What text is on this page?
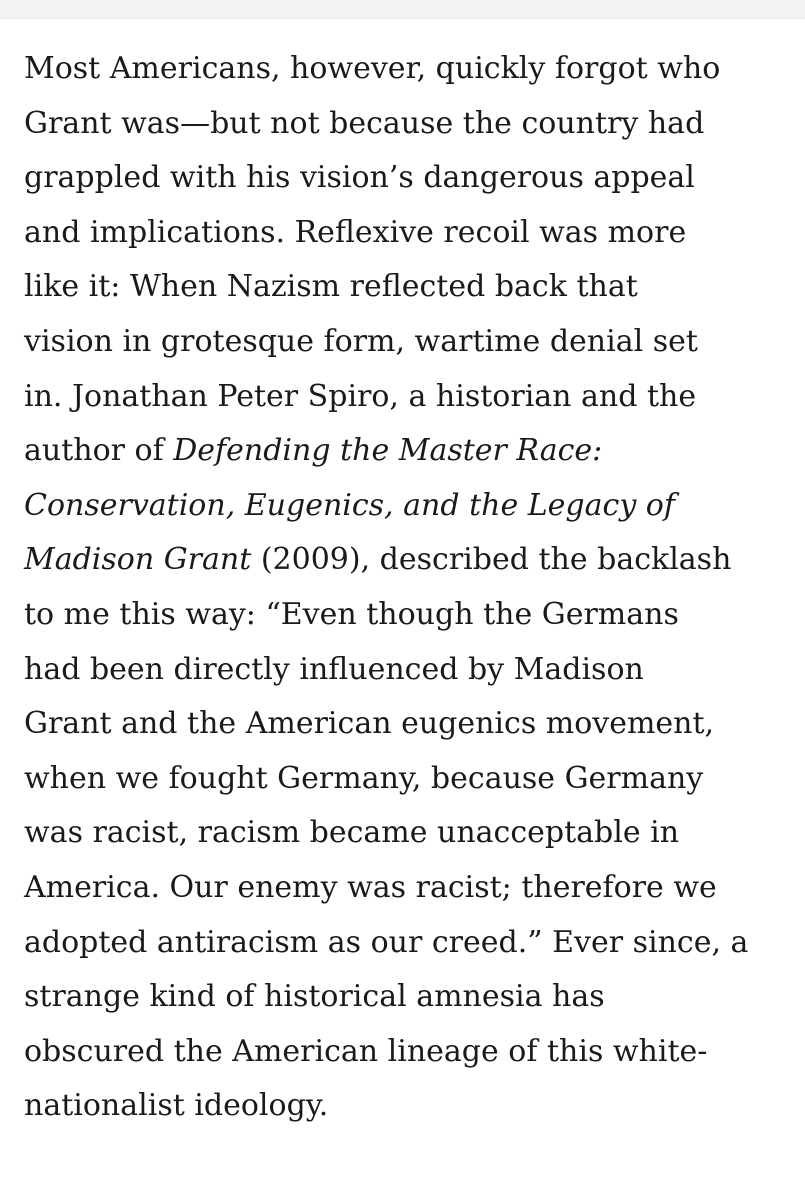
Most Americans, however, quickly forgot who
Grant was—but not because the country had
grappled with his vision’s dangerous appeal
and implications. Reflexive recoil was more
like it: When Nazism reflected back that
vision in grotesque form, wartime denial set
in. Jonathan Peter Spiro, a historian and the
author of Defending the Master Race:
Conservation, Eugenics, and the Legacy of
Madison Grant (2009), described the backlash
to me this way: “Even though the Germans
had been directly influenced by Madison
Grant and the American eugenics movement,
when we fought Germany, because Germany
was racist, racism became unacceptable in
America. Our enemy was racist; therefore we
adopted antiracism as our creed.” Ever since, a
strange kind of historical amnesia has
obscured the American lineage of this white-
nationalist ideology.
